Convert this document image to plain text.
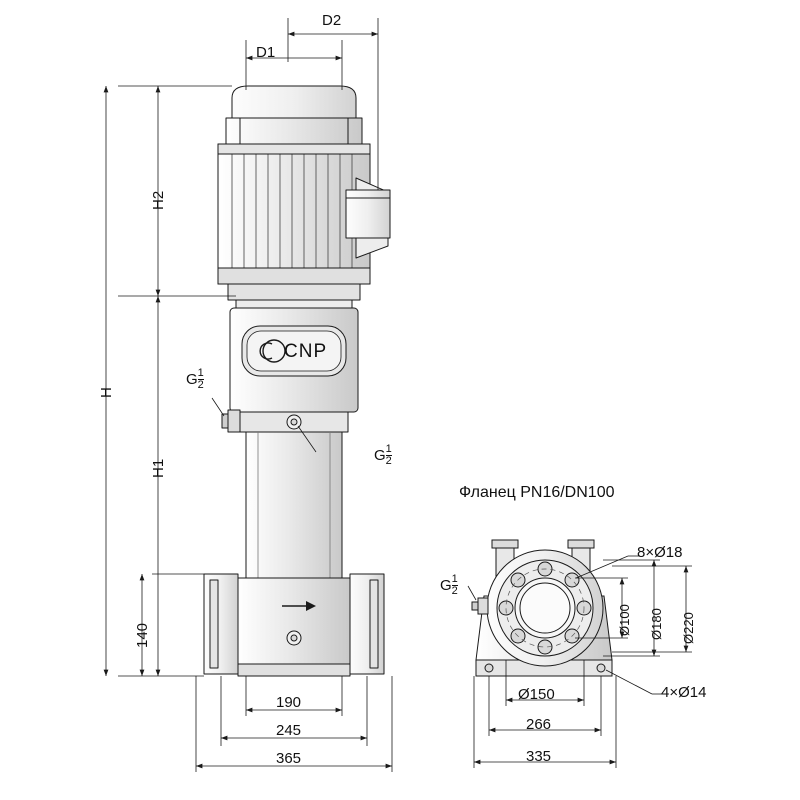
D2
D1
H2
H
H1
140
190
245
365
G $\frac{1}{2}$
G $\frac{1}{2}$
CNP
Фланец PN16/DN100
G $\frac{1}{2}$
8×Ø18
4×Ø14
Ø100 Ø180 Ø220
Ø150
266
335
